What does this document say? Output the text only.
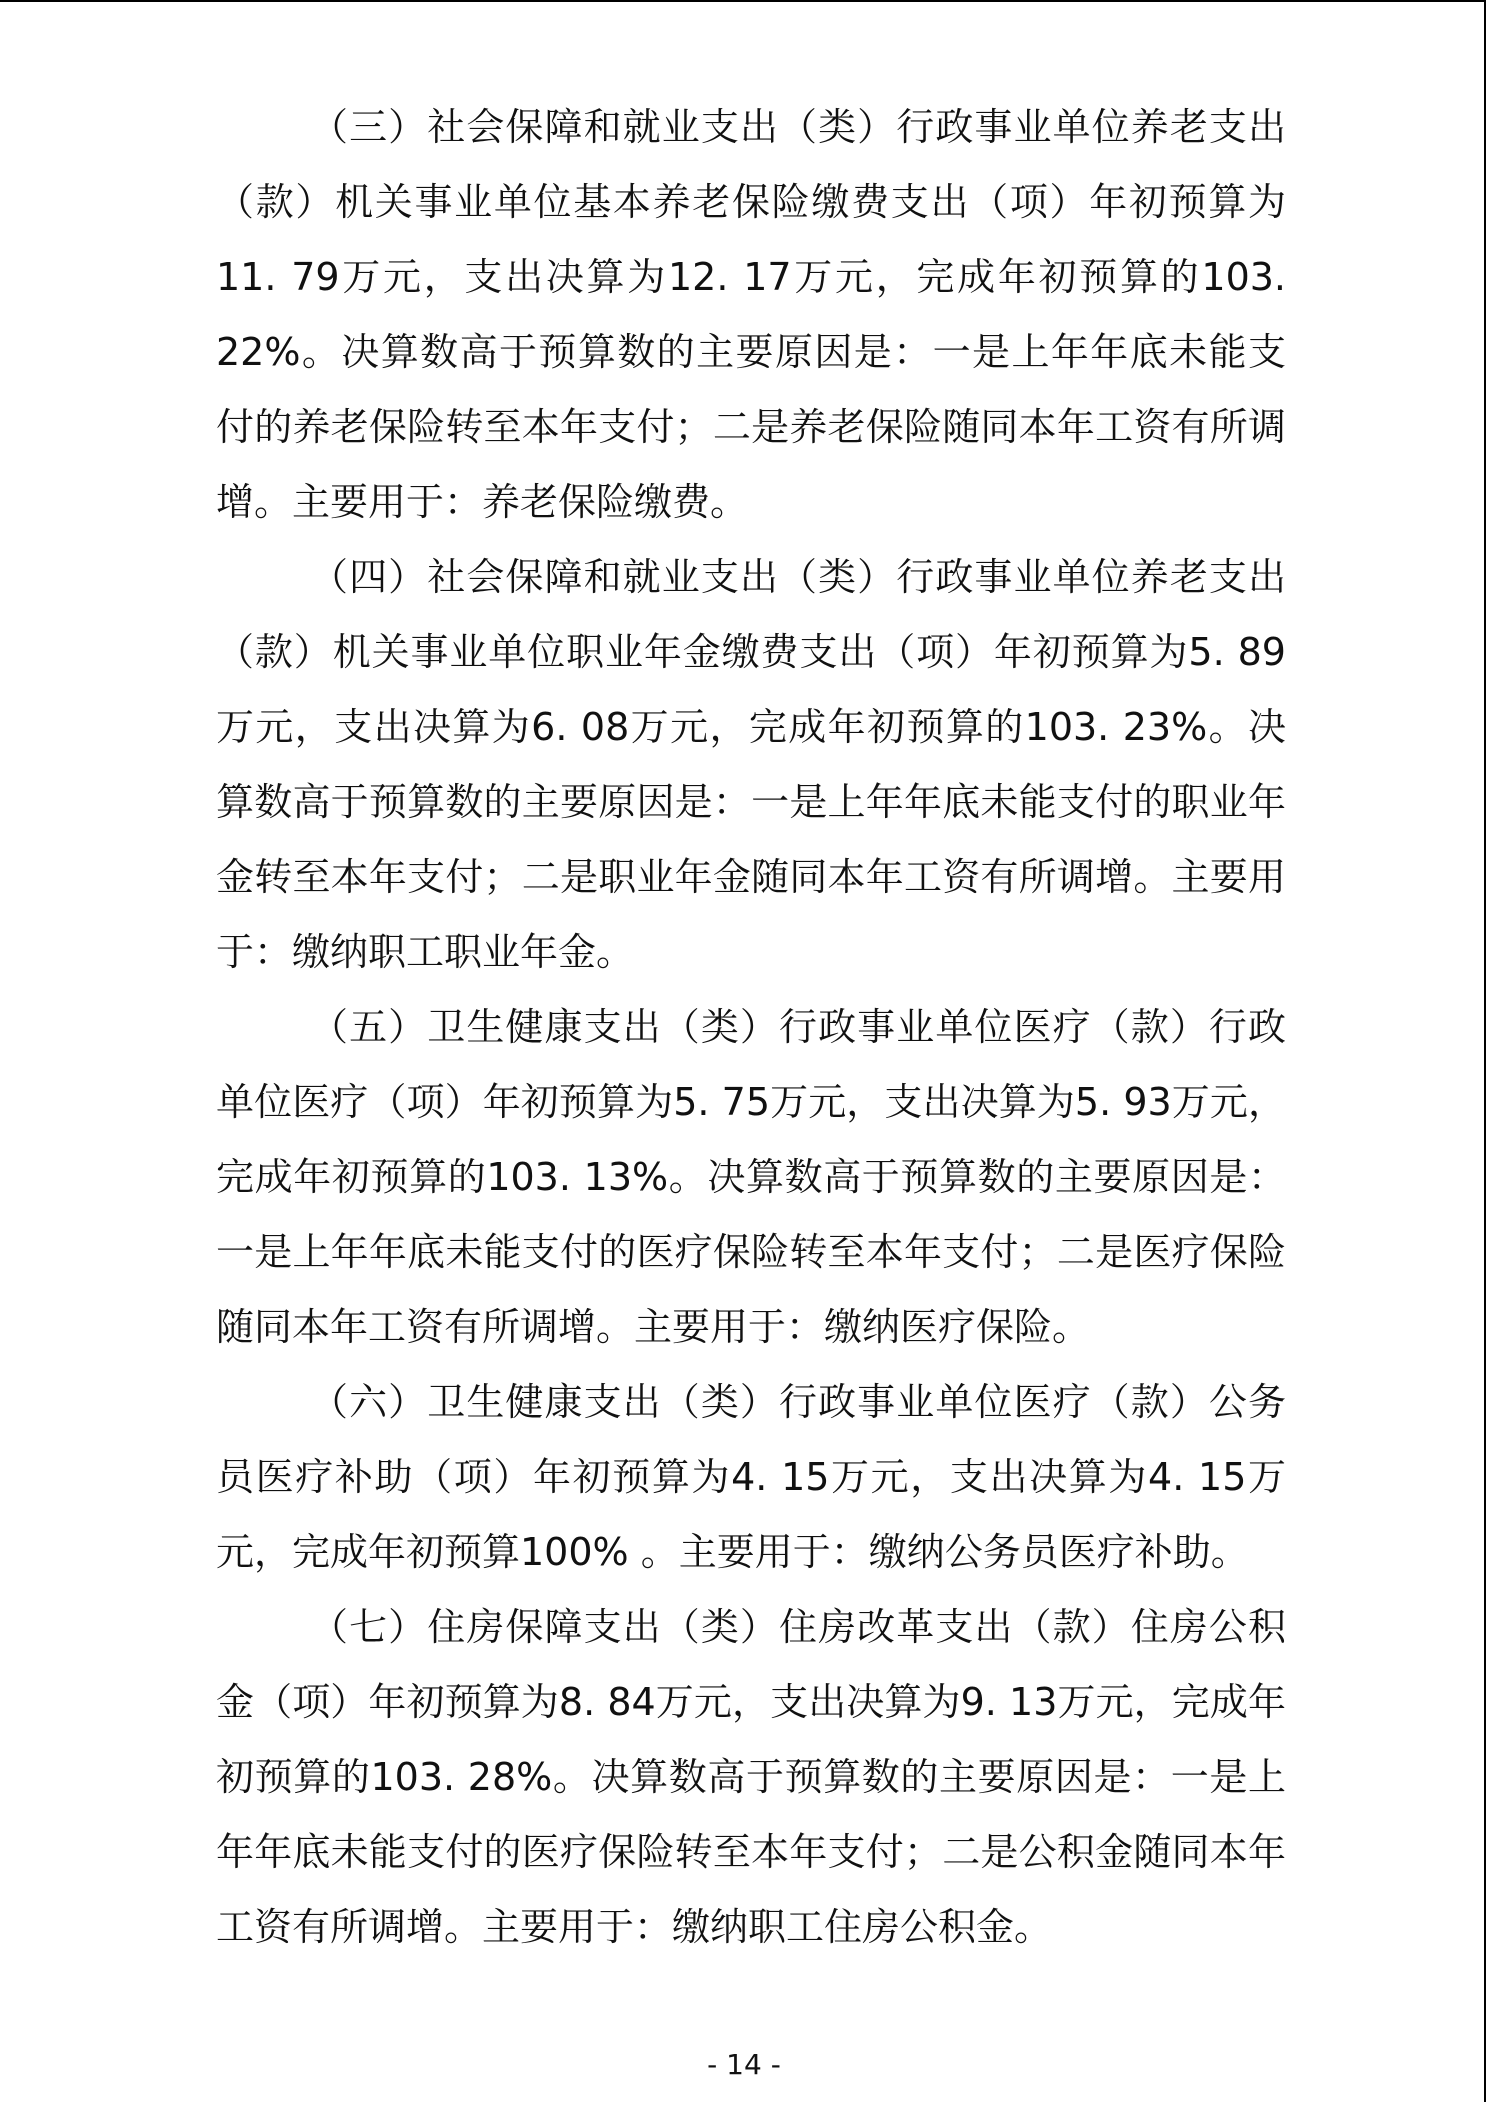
（三）社会保障和就业支出（类）行政事业单位养老支出（款）机关事业单位基本养老保险缴费支出（项）年初预算为11. 79万元，支出决算为12. 17万元，完成年初预算的103. 22%。决算数高于预算数的主要原因是：一是上年年底未能支付的养老保险转至本年支付；二是养老保险随同本年工资有所调增。主要用于：养老保险缴费。

（四）社会保障和就业支出（类）行政事业单位养老支出（款）机关事业单位职业年金缴费支出（项）年初预算为5. 89万元，支出决算为6. 08万元，完成年初预算的103. 23%。决算数高于预算数的主要原因是：一是上年年底未能支付的职业年金转至本年支付；二是职业年金随同本年工资有所调增。主要用于：缴纳职工职业年金。

（五）卫生健康支出（类）行政事业单位医疗（款）行政单位医疗（项）年初预算为5. 75万元，支出决算为5. 93万元，完成年初预算的103. 13%。决算数高于预算数的主要原因是：一是上年年底未能支付的医疗保险转至本年支付；二是医疗保险随同本年工资有所调增。主要用于：缴纳医疗保险。

（六）卫生健康支出（类）行政事业单位医疗（款）公务员医疗补助（项）年初预算为4. 15万元，支出决算为4. 15万元，完成年初预算100% 。主要用于：缴纳公务员医疗补助。

（七）住房保障支出（类）住房改革支出（款）住房公积金（项）年初预算为8. 84万元，支出决算为9. 13万元，完成年初预算的103. 28%。决算数高于预算数的主要原因是：一是上年年底未能支付的医疗保险转至本年支付；二是公积金随同本年工资有所调增。主要用于：缴纳职工住房公积金。

- 14 -
